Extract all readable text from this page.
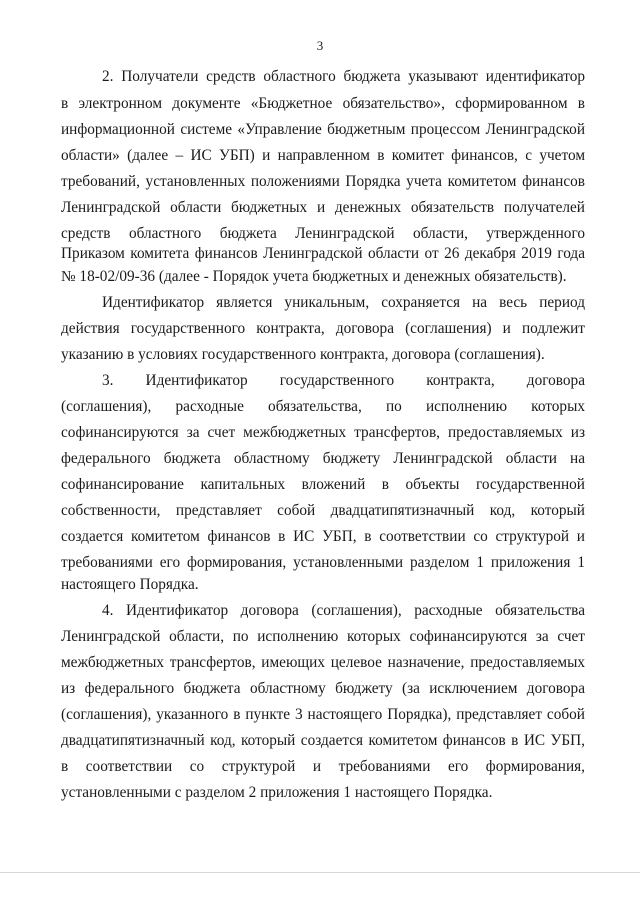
3
2. Получатели средств областного бюджета указывают идентификатор
в электронном документе «Бюджетное обязательство», сформированном в
информационной системе «Управление бюджетным процессом Ленинградской
области» (далее – ИС УБП) и направленном в комитет финансов, с учетом
требований, установленных положениями Порядка учета комитетом финансов
Ленинградской области бюджетных и денежных обязательств получателей
средств областного бюджета Ленинградской области, утвержденного
Приказом комитета финансов Ленинградской области от 26 декабря 2019 года
№ 18-02/09-36 (далее - Порядок учета бюджетных и денежных обязательств).
Идентификатор является уникальным, сохраняется на весь период
действия государственного контракта, договора (соглашения) и подлежит
указанию в условиях государственного контракта, договора (соглашения).
3. Идентификатор государственного контракта, договора
(соглашения), расходные обязательства, по исполнению которых
софинансируются за счет межбюджетных трансфертов, предоставляемых из
федерального бюджета областному бюджету Ленинградской области на
софинансирование капитальных вложений в объекты государственной
собственности, представляет собой двадцатипятизначный код, который
создается комитетом финансов в ИС УБП, в соответствии со структурой и
требованиями его формирования, установленными разделом 1 приложения 1
настоящего Порядка.
4. Идентификатор договора (соглашения), расходные обязательства
Ленинградской области, по исполнению которых софинансируются за счет
межбюджетных трансфертов, имеющих целевое назначение, предоставляемых
из федерального бюджета областному бюджету (за исключением договора
(соглашения), указанного в пункте 3 настоящего Порядка), представляет собой
двадцатипятизначный код, который создается комитетом финансов в ИС УБП,
в соответствии со структурой и требованиями его формирования,
установленными с разделом 2 приложения 1 настоящего Порядка.
